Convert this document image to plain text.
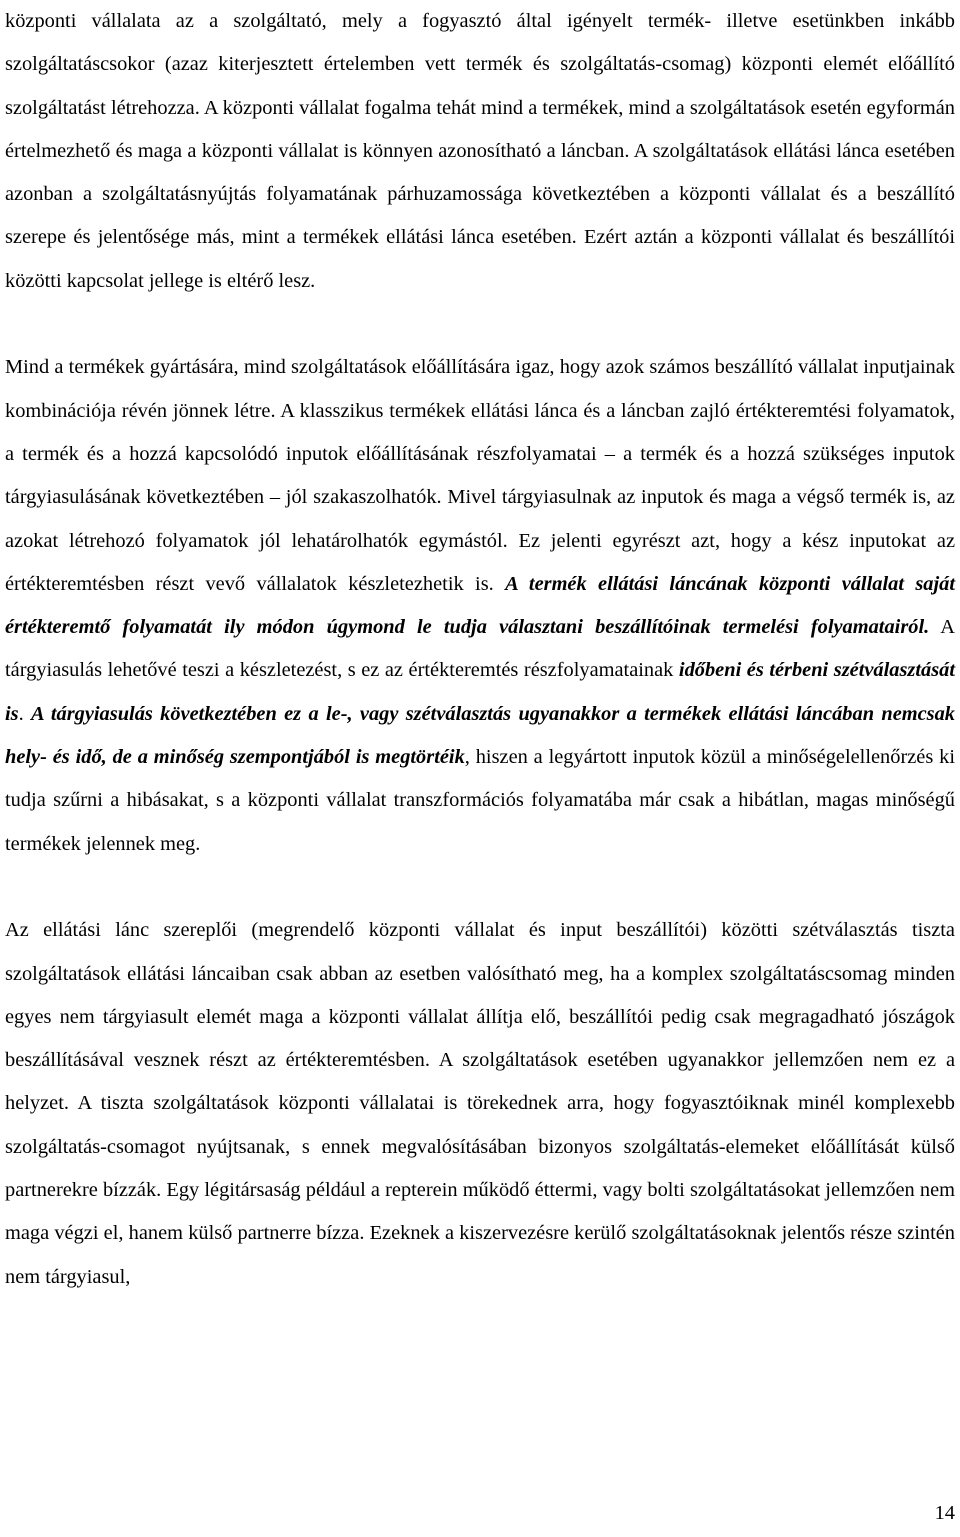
központi vállalata az a szolgáltató, mely a fogyasztó által igényelt termék- illetve esetünkben inkább szolgáltatáscsokor (azaz kiterjesztett értelemben vett termék és szolgáltatás-csomag) központi elemét előállító szolgáltatást létrehozza. A központi vállalat fogalma tehát mind a termékek, mind a szolgáltatások esetén egyformán értelmezhető és maga a központi vállalat is könnyen azonosítható a láncban. A szolgáltatások ellátási lánca esetében azonban a szolgáltatásnyújtás folyamatának párhuzamossága következtében a központi vállalat és a beszállító szerepe és jelentősége más, mint a termékek ellátási lánca esetében. Ezért aztán a központi vállalat és beszállítói közötti kapcsolat jellege is eltérő lesz.

Mind a termékek gyártására, mind szolgáltatások előállítására igaz, hogy azok számos beszállító vállalat inputjainak kombinációja révén jönnek létre. A klasszikus termékek ellátási lánca és a láncban zajló értékteremtési folyamatok, a termék és a hozzá kapcsolódó inputok előállításának részfolyamatai – a termék és a hozzá szükséges inputok tárgyiasulásának következtében – jól szakaszolhatók. Mivel tárgyiasulnak az inputok és maga a végső termék is, az azokat létrehozó folyamatok jól lehatárolhatók egymástól. Ez jelenti egyrészt azt, hogy a kész inputokat az értékteremtésben részt vevő vállalatok készletezhetik is. A termék ellátási láncának központi vállalat saját értékteremtő folyamatát ily módon úgymond le tudja választani beszállítóinak termelési folyamatairól. A tárgyiasulás lehetővé teszi a készletezést, s ez az értékteremtés részfolyamatainak időbeni és térbeni szétválasztását is. A tárgyiasulás következtében ez a le-, vagy szétválasztás ugyanakkor a termékek ellátási láncában nemcsak hely- és idő, de a minőség szempontjából is megtörtéik, hiszen a legyártott inputok közül a minőségelellenőrzés ki tudja szűrni a hibásakat, s a központi vállalat transzformációs folyamatába már csak a hibátlan, magas minőségű termékek jelennek meg.

Az ellátási lánc szereplői (megrendelő központi vállalat és input beszállítói) közötti szétválasztás tiszta szolgáltatások ellátási láncaiban csak abban az esetben valósítható meg, ha a komplex szolgáltatáscsomag minden egyes nem tárgyiasult elemét maga a központi vállalat állítja elő, beszállítói pedig csak megragadható jószágok beszállításával vesznek részt az értékteremtésben. A szolgáltatások esetében ugyanakkor jellemzően nem ez a helyzet. A tiszta szolgáltatások központi vállalatai is törekednek arra, hogy fogyasztóiknak minél komplexebb szolgáltatás-csomagot nyújtsanak, s ennek megvalósításában bizonyos szolgáltatás-elemeket előállítását külső partnerekre bízzák. Egy légitársaság például a repterein működő éttermi, vagy bolti szolgáltatásokat jellemzően nem maga végzi el, hanem külső partnerre bízza. Ezeknek a kiszervezésre kerülő szolgáltatásoknak jelentős része szintén nem tárgyiasul,

14
